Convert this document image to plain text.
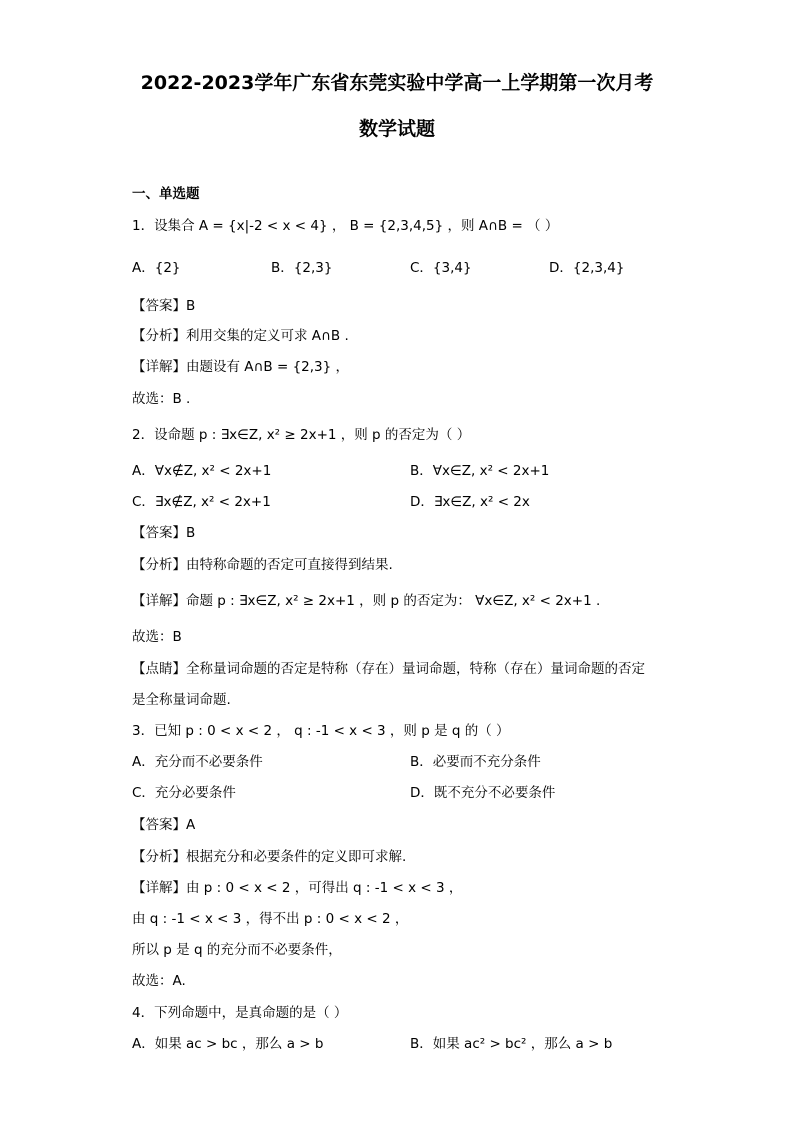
2022-2023学年广东省东莞实验中学高一上学期第一次月考
数学试题
一、单选题
1．设集合 A = {x|-2 < x < 4} ， B = {2,3,4,5} ，则 A∩B = （ ）
A．{2}	B．{2,3}	C．{3,4}	D．{2,3,4}
【答案】B
【分析】利用交集的定义可求 A∩B .
【详解】由题设有 A∩B = {2,3} ，
故选：B .
2．设命题 p : ∃x∈Z, x² ≥ 2x+1 ，则 p 的否定为（ ）
A．∀x∉Z, x² < 2x+1	B．∀x∈Z, x² < 2x+1
C．∃x∉Z, x² < 2x+1	D．∃x∈Z, x² < 2x
【答案】B
【分析】由特称命题的否定可直接得到结果.
【详解】命题 p : ∃x∈Z, x² ≥ 2x+1 ，则 p 的否定为： ∀x∈Z, x² < 2x+1 .
故选：B
【点睛】全称量词命题的否定是特称（存在）量词命题，特称（存在）量词命题的否定
是全称量词命题.
3．已知 p : 0 < x < 2 ， q : -1 < x < 3 ，则 p 是 q 的（ ）
A．充分而不必要条件	B．必要而不充分条件
C．充分必要条件	D．既不充分不必要条件
【答案】A
【分析】根据充分和必要条件的定义即可求解.
【详解】由 p : 0 < x < 2 ，可得出 q : -1 < x < 3 ，
由 q : -1 < x < 3 ，得不出 p : 0 < x < 2 ，
所以 p 是 q 的充分而不必要条件，
故选：A.
4．下列命题中，是真命题的是（ ）
A．如果 ac > bc ，那么 a > b	B．如果 ac² > bc² ，那么 a > b
